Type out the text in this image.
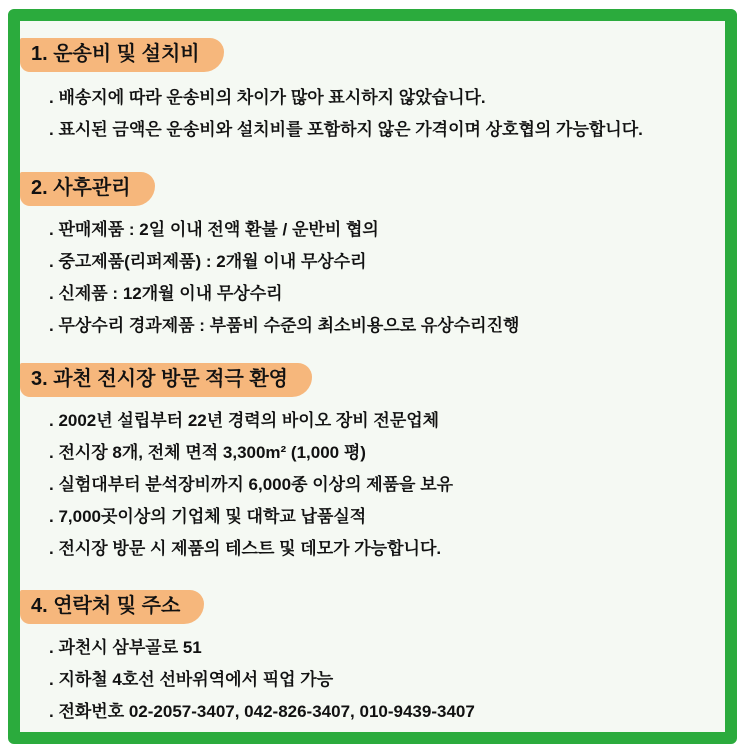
1. 운송비 및 설치비
. 배송지에 따라 운송비의 차이가 많아 표시하지 않았습니다.
. 표시된 금액은 운송비와 설치비를 포함하지 않은 가격이며 상호협의 가능합니다.
2. 사후관리
. 판매제품 : 2일 이내 전액 환불 / 운반비 협의
. 중고제품(리퍼제품) : 2개월 이내 무상수리
. 신제품 : 12개월 이내 무상수리
. 무상수리 경과제품 : 부품비 수준의 최소비용으로 유상수리진행
3. 과천 전시장 방문 적극 환영
. 2002년 설립부터 22년 경력의 바이오 장비 전문업체
. 전시장 8개, 전체 면적 3,300m² (1,000 평)
. 실험대부터 분석장비까지 6,000종 이상의 제품을 보유
. 7,000곳이상의 기업체 및 대학교 납품실적
. 전시장 방문 시 제품의 테스트 및 데모가 가능합니다.
4. 연락처 및 주소
. 과천시 삼부골로 51
. 지하철 4호선 선바위역에서 픽업 가능
. 전화번호 02-2057-3407, 042-826-3407, 010-9439-3407
